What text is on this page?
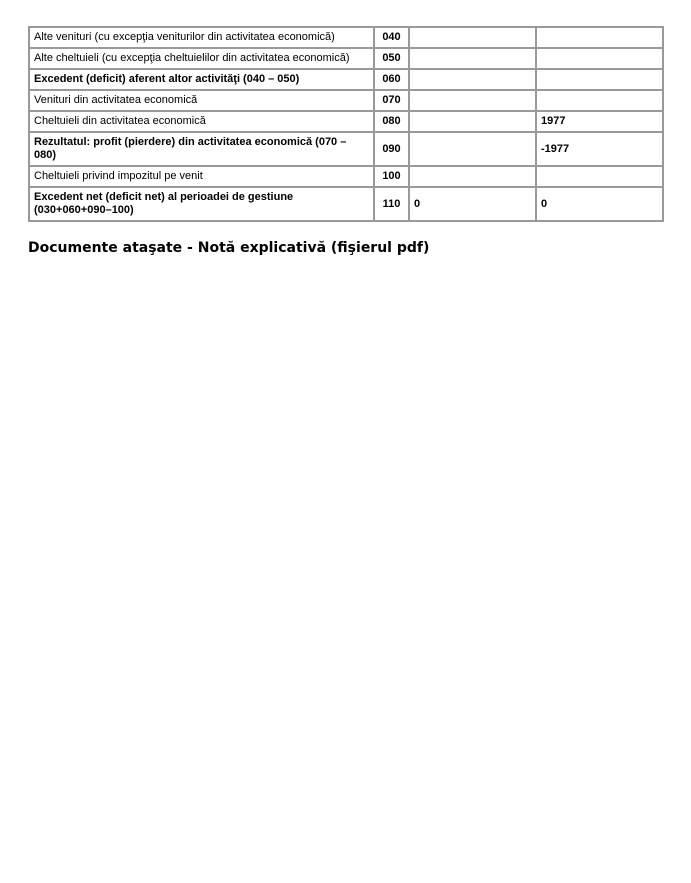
Alte venituri (cu excepţia veniturilor din activitatea economică)	040		
Alte cheltuieli (cu excepţia cheltuielilor din activitatea economică)	050		
Excedent (deficit) aferent altor activităţi (040 – 050)	060		
Venituri din activitatea economică	070		
Cheltuieli din activitatea economică	080		1977
Rezultatul: profit (pierdere) din activitatea economică (070 – 080)	090		-1977
Cheltuieli privind impozitul pe venit	100		
Excedent net (deficit net) al perioadei de gestiune (030+060+090–100)	110	0	0
Documente ataşate - Notă explicativă (fişierul pdf)
